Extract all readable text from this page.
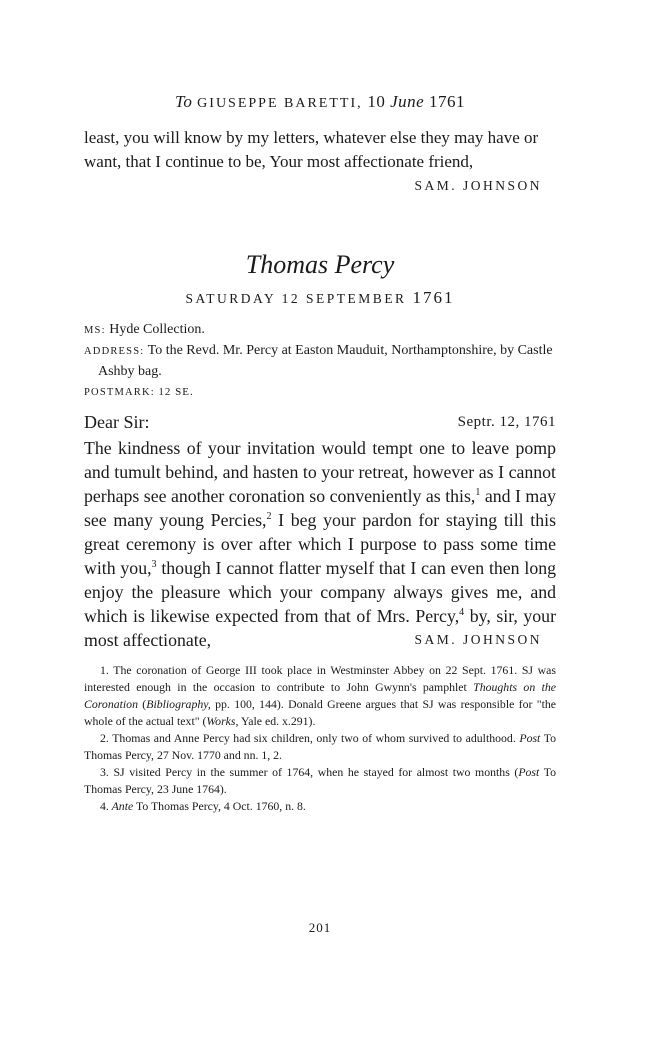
To GIUSEPPE BARETTI, 10 June 1761

least, you will know by my letters, whatever else they may have or want, that I continue to be, Your most affectionate friend,

SAM. JOHNSON
Thomas Percy
SATURDAY 12 SEPTEMBER 1761

MS: Hyde Collection.

ADDRESS: To the Revd. Mr. Percy at Easton Mauduit, Northamptonshire, by Castle Ashby bag.

POSTMARK: 12 SE.

Dear Sir:	Septr. 12, 1761

The kindness of your invitation would tempt one to leave pomp and tumult behind, and hasten to your retreat, however as I cannot perhaps see another coronation so conveniently as this,$^1$ and I may see many young Percies,$^2$ I beg your pardon for staying till this great ceremony is over after which I purpose to pass some time with you,$^3$ though I cannot flatter myself that I can even then long enjoy the pleasure which your company always gives me, and which is likewise expected from that of Mrs. Percy,$^4$ by, sir, your most affectionate,	SAM. JOHNSON

1. The coronation of George III took place in Westminster Abbey on 22 Sept. 1761. SJ was interested enough in the occasion to contribute to John Gwynn's pamphlet Thoughts on the Coronation (Bibliography, pp. 100, 144). Donald Greene argues that SJ was responsible for "the whole of the actual text" (Works, Yale ed. x.291).

2. Thomas and Anne Percy had six children, only two of whom survived to adulthood. Post To Thomas Percy, 27 Nov. 1770 and nn. 1, 2.

3. SJ visited Percy in the summer of 1764, when he stayed for almost two months (Post To Thomas Percy, 23 June 1764).

4. Ante To Thomas Percy, 4 Oct. 1760, n. 8.

201
